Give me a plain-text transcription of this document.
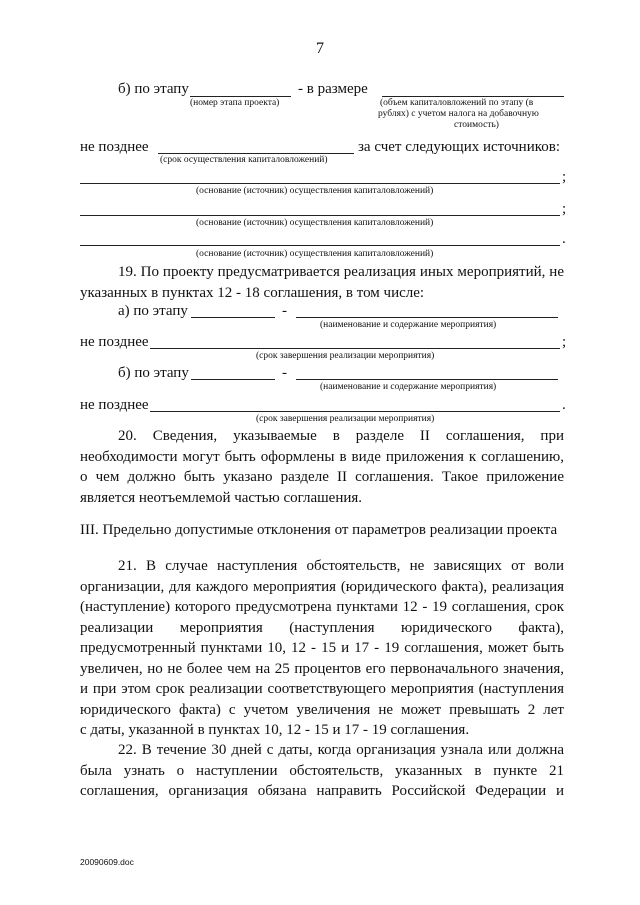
7
б) по этапу	- в размере
(номер этапа проекта)	(объем капиталовложений по этапу (в
рублях) с учетом налога на добавочную
стоимость)
не позднее	за счет следующих источников:
(срок осуществления капиталовложений)
;
(основание (источник) осуществления капиталовложений)
;
(основание (источник) осуществления капиталовложений)
.
(основание (источник) осуществления капиталовложений)
19. По проекту предусматривается реализация иных мероприятий, не
указанных в пунктах 12 - 18 соглашения, в том числе:
а) по этапу	-
(наименование и содержание мероприятия)
не позднее	;
(срок завершения реализации мероприятия)
б) по этапу	-
(наименование и содержание мероприятия)
не позднее	.
(срок завершения реализации мероприятия)
20. Сведения, указываемые в разделе II соглашения, при
необходимости могут быть оформлены в виде приложения к соглашению,
о чем должно быть указано разделе II соглашения. Такое приложение
является неотъемлемой частью соглашения.
III. Предельно допустимые отклонения от параметров реализации проекта
21. В случае наступления обстоятельств, не зависящих от воли
организации, для каждого мероприятия (юридического факта), реализация
(наступление) которого предусмотрена пунктами 12 - 19 соглашения, срок
реализации мероприятия (наступления юридического факта),
предусмотренный пунктами 10, 12 - 15 и 17 - 19 соглашения, может быть
увеличен, но не более чем на 25 процентов его первоначального значения,
и при этом срок реализации соответствующего мероприятия (наступления
юридического факта) с учетом увеличения не может превышать 2 лет
с даты, указанной в пунктах 10, 12 - 15 и 17 - 19 соглашения.
22. В течение 30 дней с даты, когда организация узнала или должна
была узнать о наступлении обстоятельств, указанных в пункте 21
соглашения, организация обязана направить Российской Федерации и
20090609.doc
